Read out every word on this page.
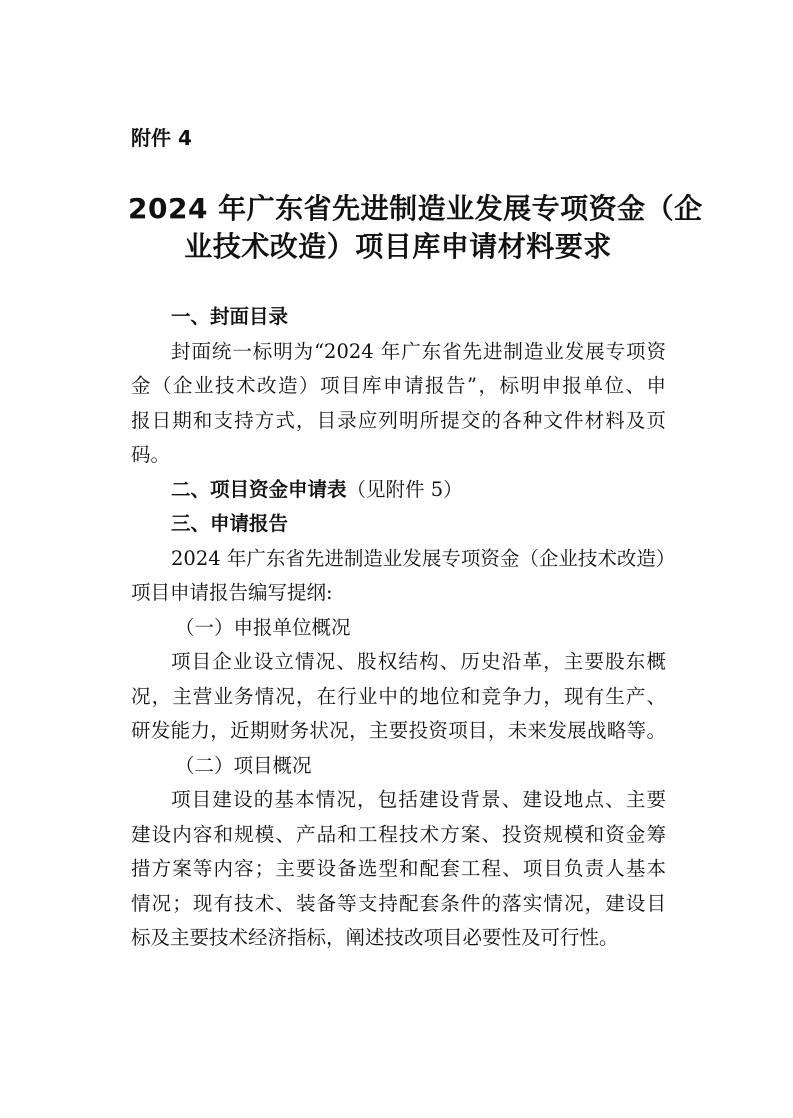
附件 4
2024 年广东省先进制造业发展专项资金（企
业技术改造）项目库申请材料要求
一、封面目录
封面统一标明为“2024 年广东省先进制造业发展专项资
金（企业技术改造）项目库申请报告”，标明申报单位、申
报日期和支持方式，目录应列明所提交的各种文件材料及页
码。
二、项目资金申请表（见附件 5）
三、申请报告
2024 年广东省先进制造业发展专项资金（企业技术改造）
项目申请报告编写提纲:
（一）申报单位概况
项目企业设立情况、股权结构、历史沿革，主要股东概
况，主营业务情况，在行业中的地位和竞争力，现有生产、
研发能力，近期财务状况，主要投资项目，未来发展战略等。
（二）项目概况
项目建设的基本情况，包括建设背景、建设地点、主要
建设内容和规模、产品和工程技术方案、投资规模和资金筹
措方案等内容；主要设备选型和配套工程、项目负责人基本
情况；现有技术、装备等支持配套条件的落实情况，建设目
标及主要技术经济指标，阐述技改项目必要性及可行性。
